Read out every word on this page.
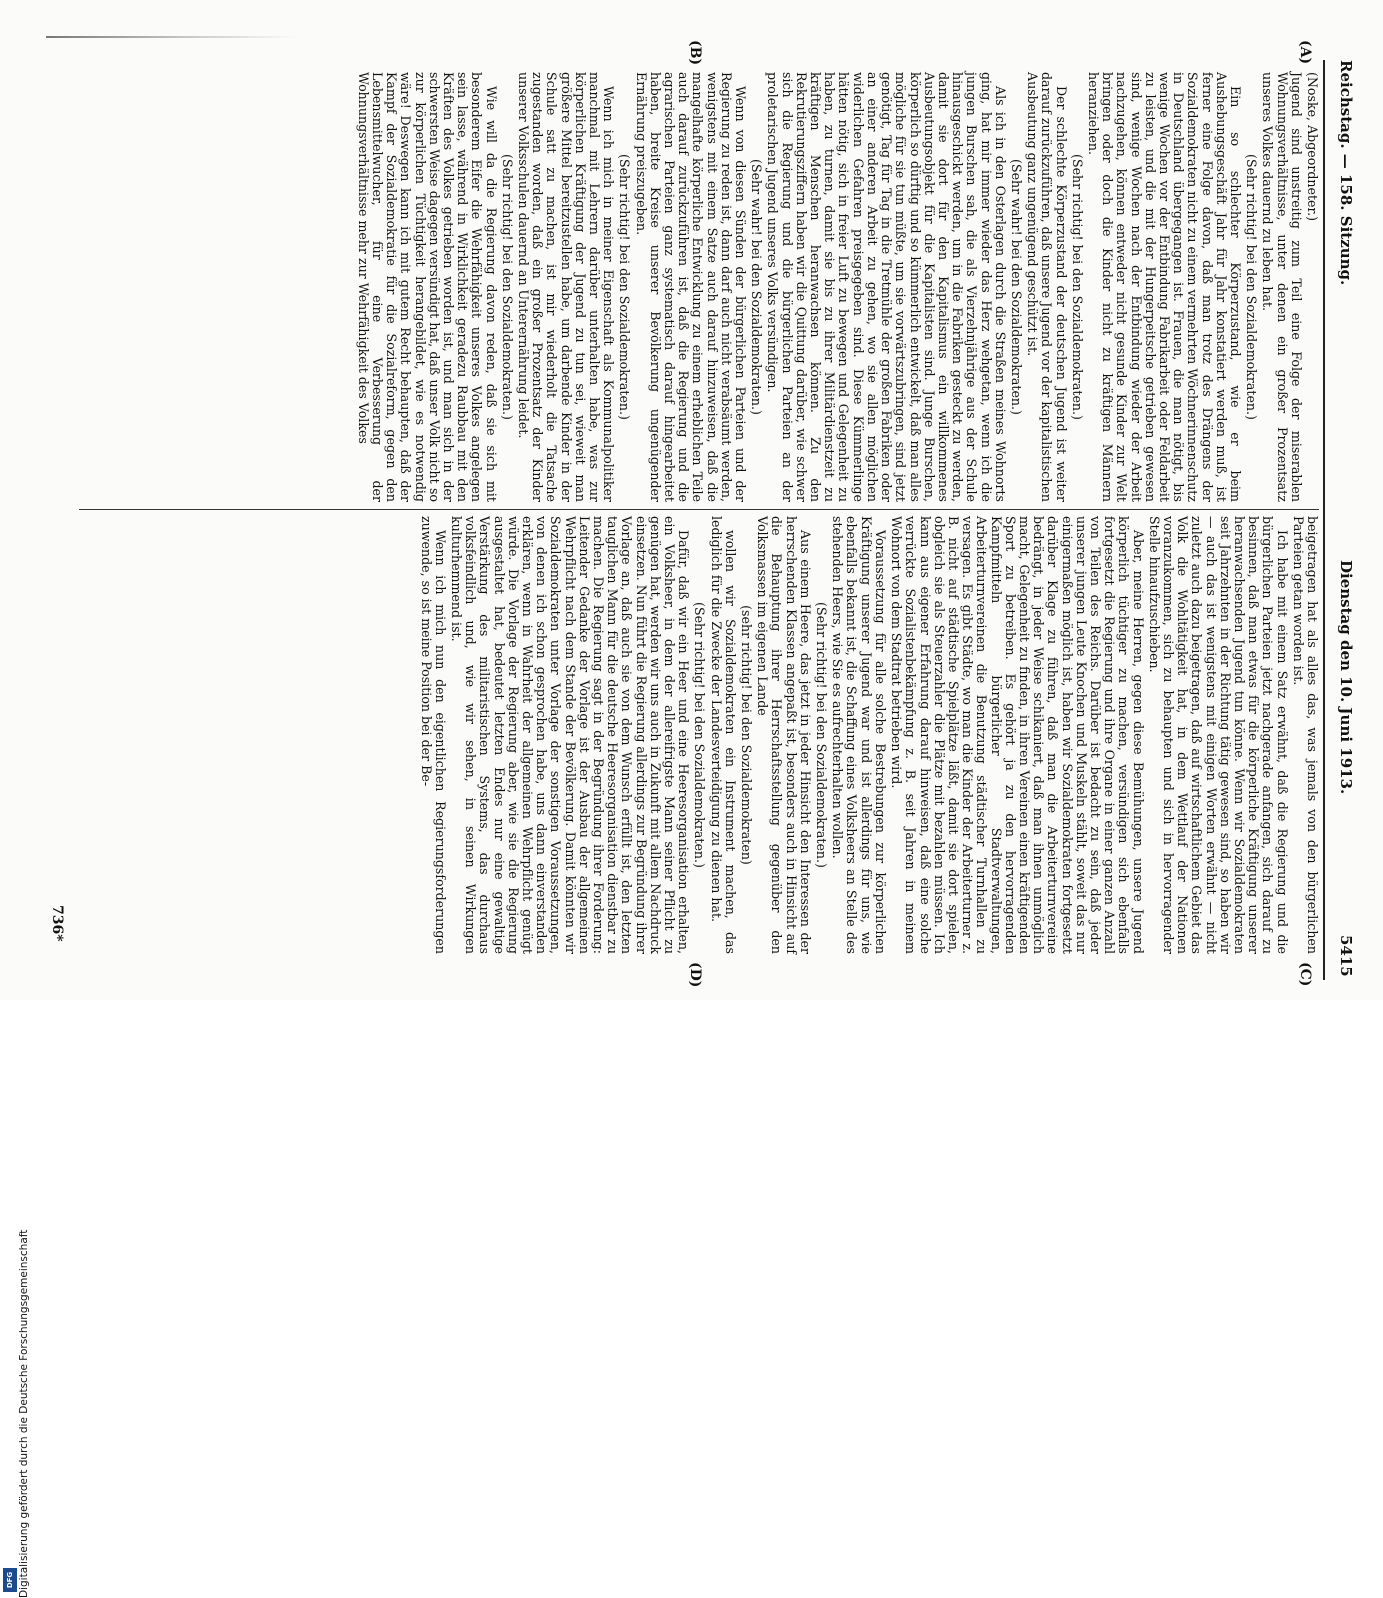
Reichstag. — 158. Sitzung.
Dienstag den 10. Juni 1913.
5415
(A)
(B)
(C)
(D)

(Noske, Abgeordneter.)

Jugend sind unstreitig zum Teil eine Folge der miserablen Wohnungsverhältnisse, unter denen ein großer Prozentsatz unseres Volkes dauernd zu leben hat.

(Sehr richtig! bei den Sozialdemokraten.)

Ein so schlechter Körperzustand, wie er beim Aushebungsgeschäft Jahr für Jahr konstatiert werden muß, ist ferner eine Folge davon, daß man trotz des Drängens der Sozialdemokraten nicht zu einem vermehrten Wöchnerinnenschutz in Deutschland übergegangen ist. Frauen, die man nötigt, bis wenige Wochen vor der Entbindung Fabrikarbeit oder Feldarbeit zu leisten, und die mit der Hungerpeitsche getrieben gewesen sind, wenige Wochen nach der Entbindung wieder der Arbeit nachzugehen, können entweder nicht gesunde Kinder zur Welt bringen oder doch die Kinder nicht zu kräftigen Männern heranziehen.

(Sehr richtig! bei den Sozialdemokraten.)

Der schlechte Körperzustand der deutschen Jugend ist weiter darauf zurückzuführen, daß unsere Jugend vor der kapitalistischen Ausbeutung ganz ungenügend geschützt ist.

(Sehr wahr! bei den Sozialdemokraten.)

Als ich in den Osterlagen durch die Straßen meines Wohnorts ging, hat mir immer wieder das Herz wehgetan, wenn ich die jungen Burschen sah, die als Vierzehnjährige aus der Schule hinausgeschickt werden, um in die Fabriken gesteckt zu werden, damit sie dort für den Kapitalismus ein willkommenes Ausbeutungsobjekt für die Kapitalisten sind. Junge Burschen, körperlich so dürftig und so kümmerlich entwickelt, daß man alles mögliche für sie tun müßte, um sie vorwärtszubringen, sind jetzt genötigt, Tag für Tag in die Tretmühle der großen Fabriken oder an einer anderen Arbeit zu gehen, wo sie allen möglichen widerlichen Gefahren preisgegeben sind. Diese Kümmerlinge hätten nötig, sich in freier Luft zu bewegen und Gelegenheit zu haben, zu turnen, damit sie bis zu ihrer Militärdienstzeit zu kräftigen Menschen heranwachsen können. Zu den Rekrutierungsziffern haben wir die Quittung darüber, wie schwer sich die Regierung und die bürgerlichen Parteien an der proletarischen Jugend unseres Volks versündigen.

(Sehr wahr! bei den Sozialdemokraten.)

Wenn von diesen Sünden der bürgerlichen Parteien und der Regierung zu reden ist, dann darf auch nicht verabsäumt werden, wenigstens mit einem Satze auch darauf hinzuweisen, daß die mangelhafte körperliche Entwicklung zu einem erheblichen Teile auch darauf zurückzuführen ist, daß die Regierung und die agrarischen Parteien ganz systematisch darauf hingearbeitet haben, breite Kreise unserer Bevölkerung ungenügender Ernährung preiszugeben.

(Sehr richtig! bei den Sozialdemokraten.)

Wenn ich mich in meiner Eigenschaft als Kommunalpolitiker manchmal mit Lehrern darüber unterhalten habe, was zur körperlichen Kräftigung der Jugend zu tun sei, wieweit man größere Mittel bereitzustellen habe, um darbende Kinder in der Schule satt zu machen, ist mir wiederholt die Tatsache zugestanden worden, daß ein großer Prozentsatz der Kinder unserer Volksschulen dauernd an Unterernährung leidet.

(Sehr richtig! bei den Sozialdemokraten.)

Wie will da die Regierung davon reden, daß sie sich mit besonderem Eifer die Wehrfähigkeit unseres Volkes angelegen sein lasse, während in Wirklichkeit geradezu Raubbau mit den Kräften des Volkes getrieben worden ist, und man sich in der schwersten Weise dagegen versündigt hat, daß unser Volk nicht so zur körperlichen Tüchtigkeit herangebildet, wie es notwendig wäre! Deswegen kann ich mit gutem Recht behaupten, daß der Kampf der Sozialdemokratie für die Sozialreform, gegen den Lebensmittelwucher, für eine Verbesserung der Wohnungsverhältnisse mehr zur Wehrfähigkeit des Volkes

beigetragen hat als alles das, was jemals von den bürgerlichen Parteien getan worden ist.

Ich habe mit einem Satz erwähnt, daß die Regierung und die bürgerlichen Parteien jetzt nachgerade anfangen, sich darauf zu besinnen, daß man etwas für die körperliche Kräftigung unserer heranwachsenden Jugend tun könne. Wenn wir Sozialdemokraten seit Jahrzehnten in der Richtung tätig gewesen sind, so haben wir — auch das ist wenigstens mit einigen Worten erwähnt — nicht zuletzt auch dazu beigetragen, daß auf wirtschaftlichem Gebiet das Volk die Wohltätigkeit hat, in dem Wettlauf der Nationen voranzukommen, sich zu behaupten und sich in hervorragender Stelle hinaufzuschieben.

Aber, meine Herren, gegen diese Bemühungen, unsere Jugend körperlich tüchtiger zu machen, versündigen sich ebenfalls fortgesetzt die Regierung und ihre Organe in einer ganzen Anzahl von Teilen des Reichs. Darüber ist bedacht zu sein, daß jeder unserer jungen Leute Knochen und Muskeln stählt, soweit das nur einigermaßen möglich ist, haben wir Sozialdemokraten fortgesetzt darüber Klage zu führen, daß man die Arbeiterturnvereine bedrängt, in jeder Weise schikaniert, daß man ihnen unmöglich macht, Gelegenheit zu finden, in ihren Vereinen einen kräftigenden Sport zu betreiben. Es gehört ja zu den hervorragenden Kampfmitteln bürgerlicher Stadtverwaltungen, Arbeiterturnvereinen die Benutzung städtischer Turnhallen zu versagen. Es gibt Städte, wo man die Kinder der Arbeiterturner z. B. nicht auf städtische Spielplätze läßt, damit sie dort spielen, obgleich sie als Steuerzahler die Plätze mit bezahlen müssen. Ich kann aus eigener Erfahrung darauf hinweisen, daß eine solche verrückte Sozialistenbekämpfung z. B. seit Jahren in meinem Wohnort von dem Stadtrat betrieben wird.

Voraussetzung für alle solche Bestrebungen zur körperlichen Kräftigung unserer Jugend war und ist allerdings für uns, wie ebenfalls bekannt ist, die Schaffung eines Volksheers an Stelle des stehenden Heers, wie Sie es aufrechterhalten wollen.

(Sehr richtig! bei den Sozialdemokraten.)

Aus einem Heere, das jetzt in jeder Hinsicht den Interessen der herrschenden Klassen angepaßt ist, besonders auch in Hinsicht auf die Behauptung ihrer Herrschaftsstellung gegenüber den Volksmassen im eigenen Lande

(sehr richtig! bei den Sozialdemokraten)

wollen wir Sozialdemokraten ein Instrument machen, das lediglich für die Zwecke der Landesverteidigung zu dienen hat.

(Sehr richtig! bei den Sozialdemokraten.)

Dafür, daß wir ein Heer und eine Heeresorganisation erhalten, ein Volksheer, in dem der allereifrigste Mann seiner Pflicht zu genügen hat, werden wir uns auch in Zukunft mit allem Nachdruck einsetzen. Nun führt die Regierung allerdings zur Begründung ihrer Vorlage an, daß auch sie von dem Wunsch erfüllt ist, den letzten tauglichen Mann für die deutsche Heeresorganisation dienstbar zu machen. Die Regierung sagt in der Begründung ihrer Forderung: Leitender Gedanke der Vorlage ist der Ausbau der allgemeinen Wehrpflicht nach dem Stande der Bevölkerung. Damit könnten wir Sozialdemokraten unter Vorlage der sonstigen Voraussetzungen, von denen ich schon gesprochen habe, uns dann einverstanden erklären, wenn in Wahrheit der allgemeinen Wehrpflicht genügt würde. Die Vorlage der Regierung aber, wie sie die Regierung ausgestaltet hat, bedeutet letzten Endes nur eine gewaltige Verstärkung des militaristischen Systems, das durchaus volksfeindlich und, wie wir sehen, in seinen Wirkungen kulturhemmend ist.

Wenn ich mich nun den eigentlichen Regierungsforderungen zuwende, so ist meine Position bei der Be-

736*
Digitalisierung gefördert durch die Deutsche Forschungsgemeinschaft
DFG
